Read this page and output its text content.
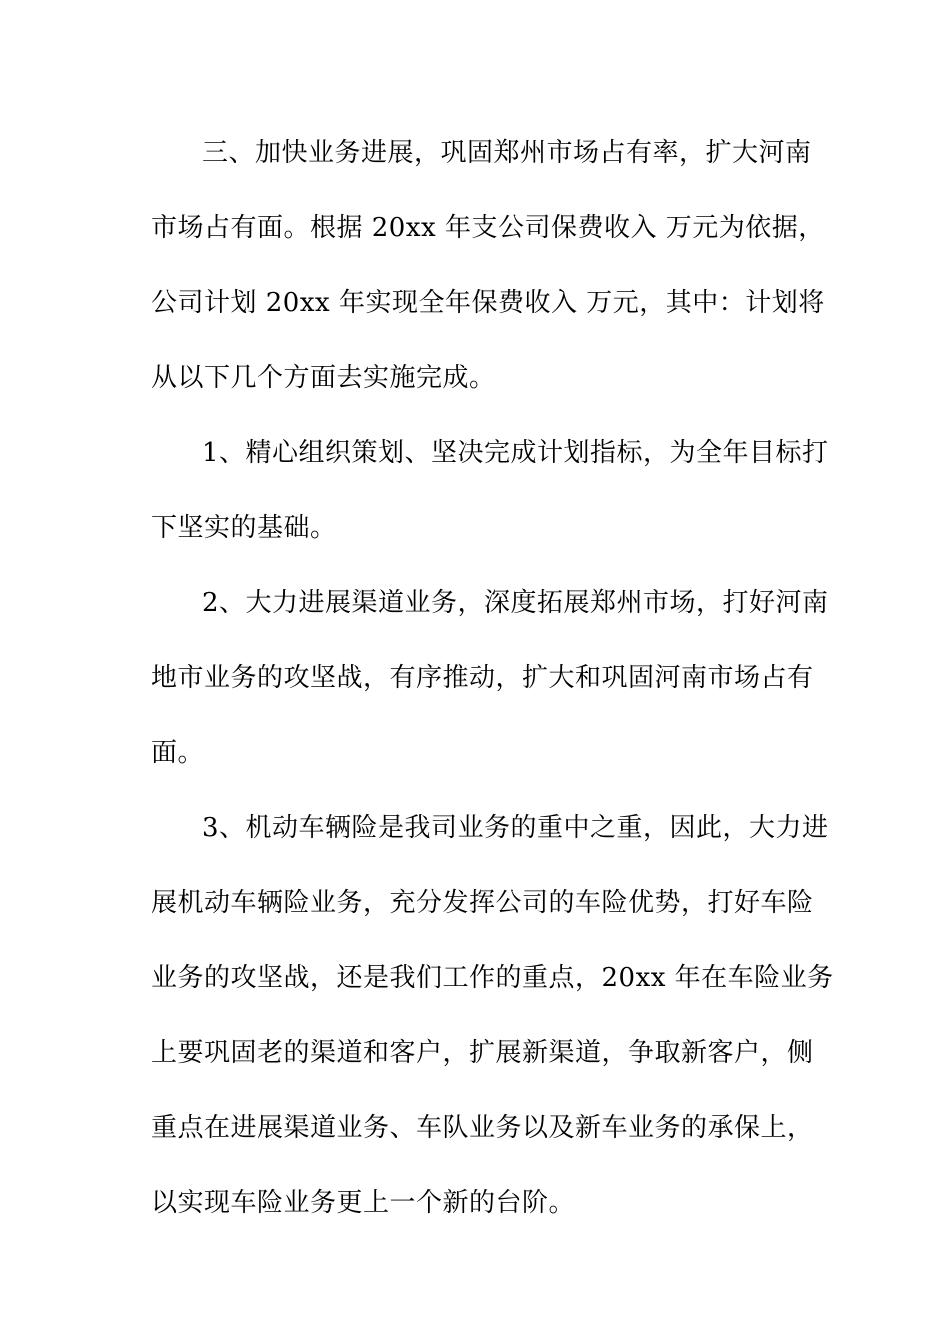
三、加快业务进展，巩固郑州市场占有率，扩大河南
市场占有面。根据 20xx 年支公司保费收入 万元为依据，
公司计划 20xx 年实现全年保费收入 万元，其中：计划将
从以下几个方面去实施完成。
1、精心组织策划、坚决完成计划指标，为全年目标打
下坚实的基础。
2、大力进展渠道业务，深度拓展郑州市场，打好河南
地市业务的攻坚战，有序推动，扩大和巩固河南市场占有
面。
3、机动车辆险是我司业务的重中之重，因此，大力进
展机动车辆险业务，充分发挥公司的车险优势，打好车险
业务的攻坚战，还是我们工作的重点，20xx 年在车险业务
上要巩固老的渠道和客户，扩展新渠道，争取新客户，侧
重点在进展渠道业务、车队业务以及新车业务的承保上，
以实现车险业务更上一个新的台阶。
